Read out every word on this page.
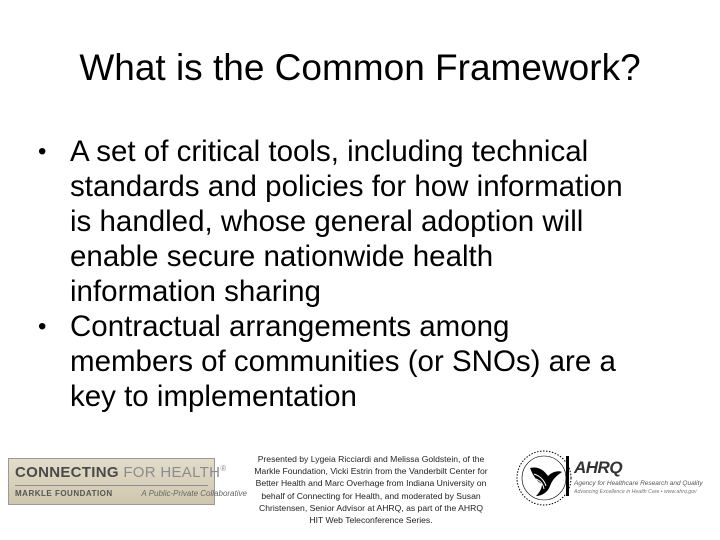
What is the Common Framework?
• A set of critical tools, including technical
standards and policies for how information
is handled, whose general adoption will
enable secure nationwide health
information sharing
• Contractual arrangements among
members of communities (or SNOs) are a
key to implementation
CONNECTING FOR HEALTH®
MARKLE FOUNDATION	A Public-Private Collaborative
Presented by Lygeia Ricciardi and Melissa Goldstein, of the
Markle Foundation, Vicki Estrin from the Vanderbilt Center for
Better Health and Marc Overhage from Indiana University on
behalf of Connecting for Health, and moderated by Susan
Christensen, Senior Advisor at AHRQ, as part of the AHRQ
HIT Web Teleconference Series.
AHRQ
Agency for Healthcare Research and Quality
Advancing Excellence in Health Care • www.ahrq.gov
